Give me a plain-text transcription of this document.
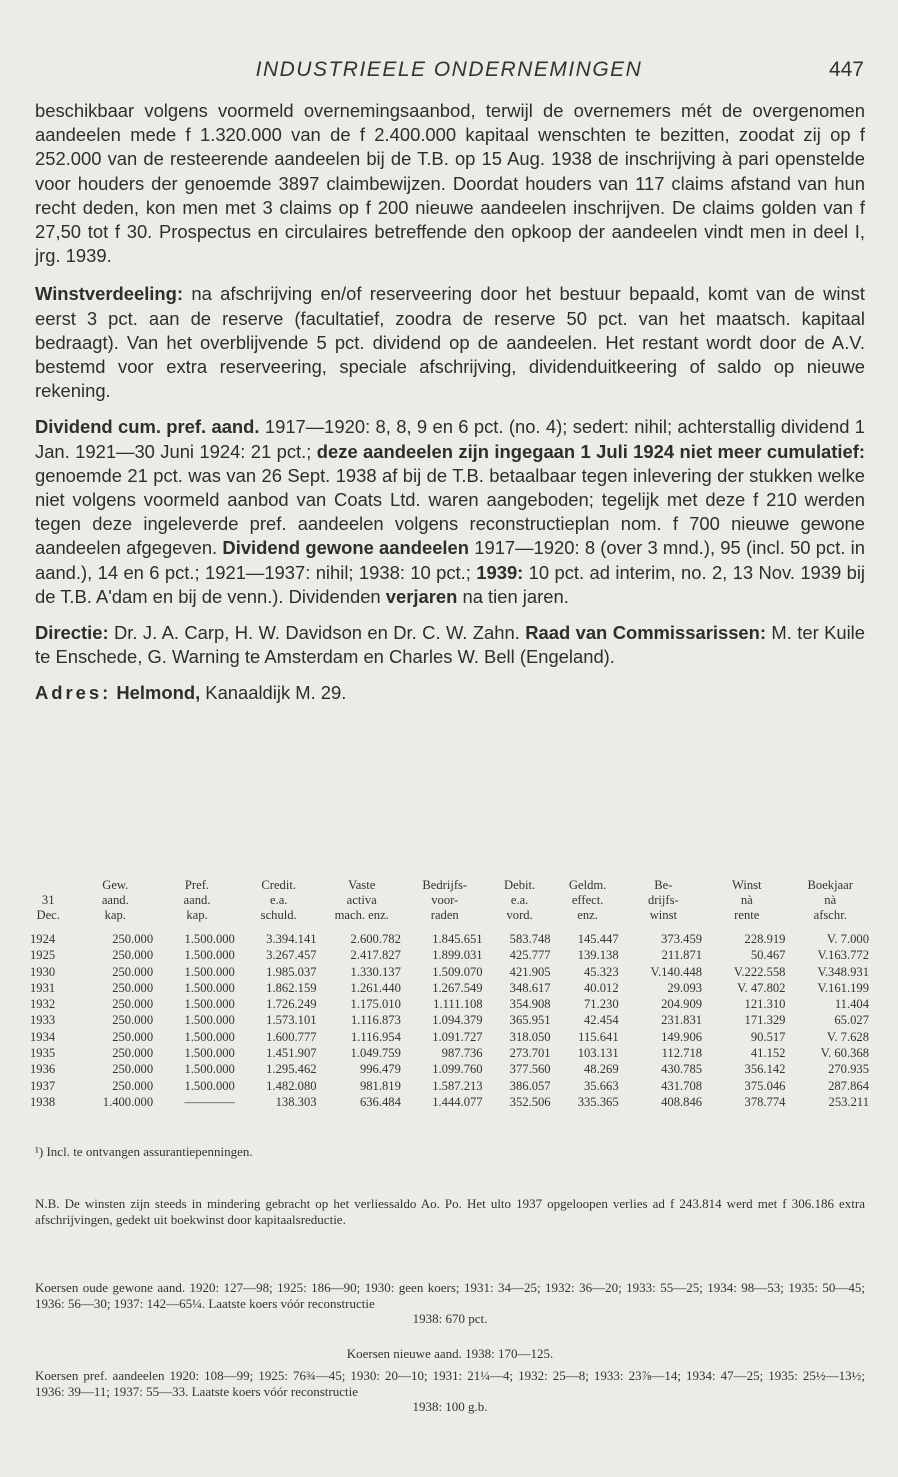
INDUSTRIEELE ONDERNEMINGEN	447

beschikbaar volgens voormeld overnemingsaanbod, terwijl de overnemers mét de overgenomen aandeelen mede f 1.320.000 van de f 2.400.000 kapitaal wenschten te bezitten, zoodat zij op f 252.000 van de resteerende aandeelen bij de T.B. op 15 Aug. 1938 de inschrijving à pari openstelde voor houders der genoemde 3897 claimbewijzen. Doordat houders van 117 claims afstand van hun recht deden, kon men met 3 claims op f 200 nieuwe aandeelen inschrijven. De claims golden van f 27,50 tot f 30. Prospectus en circulaires betreffende den opkoop der aandeelen vindt men in deel I, jrg. 1939.

Winstverdeeling: na afschrijving en/of reserveering door het bestuur bepaald, komt van de winst eerst 3 pct. aan de reserve (facultatief, zoodra de reserve 50 pct. van het maatsch. kapitaal bedraagt). Van het overblijvende 5 pct. dividend op de aandeelen. Het restant wordt door de A.V. bestemd voor extra reserveering, speciale afschrijving, dividenduitkeering of saldo op nieuwe rekening.

Dividend cum. pref. aand. 1917—1920: 8, 8, 9 en 6 pct. (no. 4); sedert: nihil; achterstallig dividend 1 Jan. 1921—30 Juni 1924: 21 pct.; deze aandeelen zijn ingegaan 1 Juli 1924 niet meer cumulatief: genoemde 21 pct. was van 26 Sept. 1938 af bij de T.B. betaalbaar tegen inlevering der stukken welke niet volgens voormeld aanbod van Coats Ltd. waren aangeboden; tegelijk met deze f 210 werden tegen deze ingeleverde pref. aandeelen volgens reconstructieplan nom. f 700 nieuwe gewone aandeelen afgegeven. Dividend gewone aandeelen 1917—1920: 8 (over 3 mnd.), 95 (incl. 50 pct. in aand.), 14 en 6 pct.; 1921—1937: nihil; 1938: 10 pct.; 1939: 10 pct. ad interim, no. 2, 13 Nov. 1939 bij de T.B. A'dam en bij de venn.). Dividenden verjaren na tien jaren.

Directie: Dr. J. A. Carp, H. W. Davidson en Dr. C. W. Zahn. Raad van Commissarissen: M. ter Kuile te Enschede, G. Warning te Amsterdam en Charles W. Bell (Engeland).

Adres: Helmond, Kanaaldijk M. 29.

	Gew.	Pref.	Credit.	Vaste	Bedrijfs-	Debit.	Geldm.	Be-	Winst	Boekjaar
31	aand.	aand.	e.a.	activa	voor-	e.a.	effect.	drijfs-	nà	nà
Dec.	kap.	kap.	schuld.	mach. enz.	raden	vord.	enz.	winst	rente	afschr.
1924	250.000	1.500.000	3.394.141	2.600.782	1.845.651	583.748	145.447	373.459	228.919	V. 7.000
1925	250.000	1.500.000	3.267.457	2.417.827	1.899.031	425.777	139.138	211.871	50.467	V.163.772
1930	250.000	1.500.000	1.985.037	1.330.137	1.509.070	421.905	45.323	V.140.448	V.222.558	V.348.931
1931	250.000	1.500.000	1.862.159	1.261.440	1.267.549	348.617	40.012	29.093	V. 47.802	V.161.199
1932	250.000	1.500.000	1.726.249	1.175.010	1.111.108	354.908	71.230	204.909	121.310	11.404
1933	250.000	1.500.000	1.573.101	1.116.873	1.094.379	365.951	42.454	231.831	171.329	65.027
1934	250.000	1.500.000	1.600.777	1.116.954	1.091.727	318.050	115.641	149.906	90.517	V. 7.628
1935	250.000	1.500.000	1.451.907	1.049.759	987.736	273.701	103.131	112.718	41.152	V. 60.368
1936	250.000	1.500.000	1.295.462	996.479	1.099.760	377.560	48.269	430.785	356.142	270.935
1937	250.000	1.500.000	1.482.080	981.819	1.587.213	386.057	35.663	431.708	375.046	287.864
1938	1.400.000	————	138.303	636.484	1.444.077	352.506	335.365	408.846	378.774	253.211
¹) Incl. te ontvangen assurantiepenningen.
N.B. De winsten zijn steeds in mindering gebracht op het verliessaldo Ao. Po. Het ulto 1937 opgeloopen verlies ad f 243.814 werd met f 306.186 extra afschrijvingen, gedekt uit boekwinst door kapitaalsreductie.
Koersen oude gewone aand. 1920: 127—98; 1925: 186—90; 1930: geen koers; 1931: 34—25; 1932: 36—20; 1933: 55—25; 1934: 98—53; 1935: 50—45; 1936: 56—30; 1937: 142—65¼. Laatste koers vóór reconstructie
1938: 670 pct.
Koersen nieuwe aand. 1938: 170—125.
Koersen pref. aandeelen 1920: 108—99; 1925: 76¾—45; 1930: 20—10; 1931: 21¼—4; 1932: 25—8; 1933: 23⅞—14; 1934: 47—25; 1935: 25½—13½; 1936: 39—11; 1937: 55—33. Laatste koers vóór reconstructie
1938: 100 g.b.
